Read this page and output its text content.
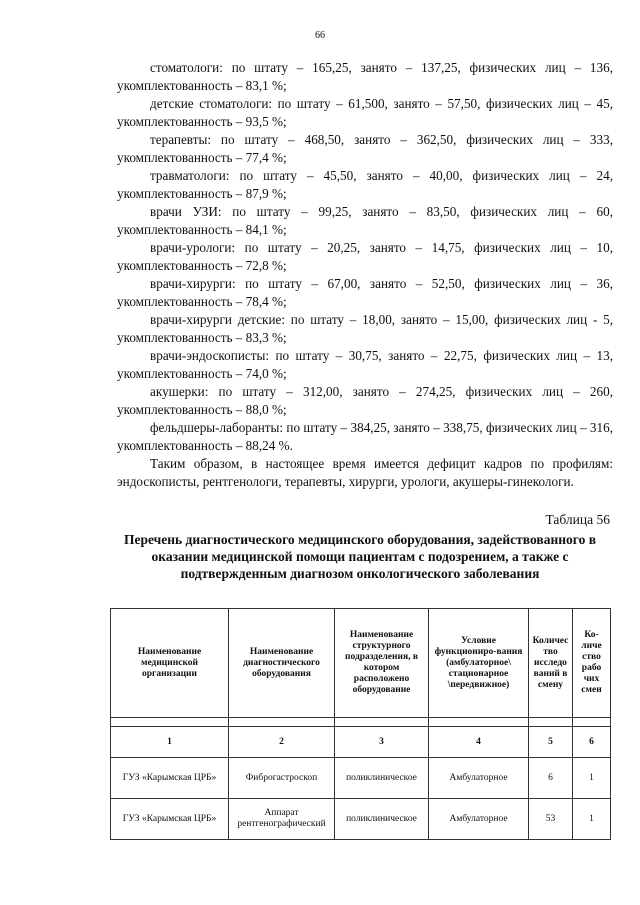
66

стоматологи: по штату – 165,25, занято – 137,25, физических лиц – 136, укомплектованность – 83,1 %;

детские стоматологи: по штату – 61,500, занято – 57,50, физических лиц – 45, укомплектованность – 93,5 %;

терапевты: по штату – 468,50, занято – 362,50, физических лиц – 333, укомплектованность – 77,4 %;

травматологи: по штату – 45,50, занято – 40,00, физических лиц – 24, укомплектованность – 87,9 %;

врачи УЗИ: по штату – 99,25, занято – 83,50, физических лиц – 60, укомплектованность – 84,1 %;

врачи-урологи: по штату – 20,25, занято – 14,75, физических лиц – 10, укомплектованность – 72,8 %;

врачи-хирурги: по штату – 67,00, занято – 52,50, физических лиц – 36, укомплектованность – 78,4 %;

врачи-хирурги детские: по штату – 18,00, занято – 15,00, физических лиц - 5, укомплектованность – 83,3 %;

врачи-эндоскописты: по штату – 30,75, занято – 22,75, физических лиц – 13, укомплектованность – 74,0 %;

акушерки: по штату – 312,00, занято – 274,25, физических лиц – 260, укомплектованность – 88,0 %;

фельдшеры-лаборанты: по штату – 384,25, занято – 338,75, физических лиц – 316, укомплектованность – 88,24 %.

Таким образом, в настоящее время имеется дефицит кадров по профилям: эндоскописты, рентгенологи, терапевты, хирурги, урологи, акушеры-гинекологи.

Таблица 56
Перечень диагностического медицинского оборудования, задействованного в оказании медицинской помощи пациентам с подозрением, а также с подтвержденным диагнозом онкологического заболевания
Наименование медицинской организации	Наименование диагностического оборудования	Наименование структурного подразделения, в котором расположено оборудование	Условие функциониро-вания (амбулаторное\ стационарное \передвижное)	Количес тво исследо ваний в смену	Ко-личе ство рабо чих смен

1	2	3	4	5	6
ГУЗ «Карымская ЦРБ»	Фиброгастроскоп	поликлиническое	Амбулаторное	6	1
ГУЗ «Карымская ЦРБ»	Аппарат рентгенографический	поликлиническое	Амбулаторное	53	1
